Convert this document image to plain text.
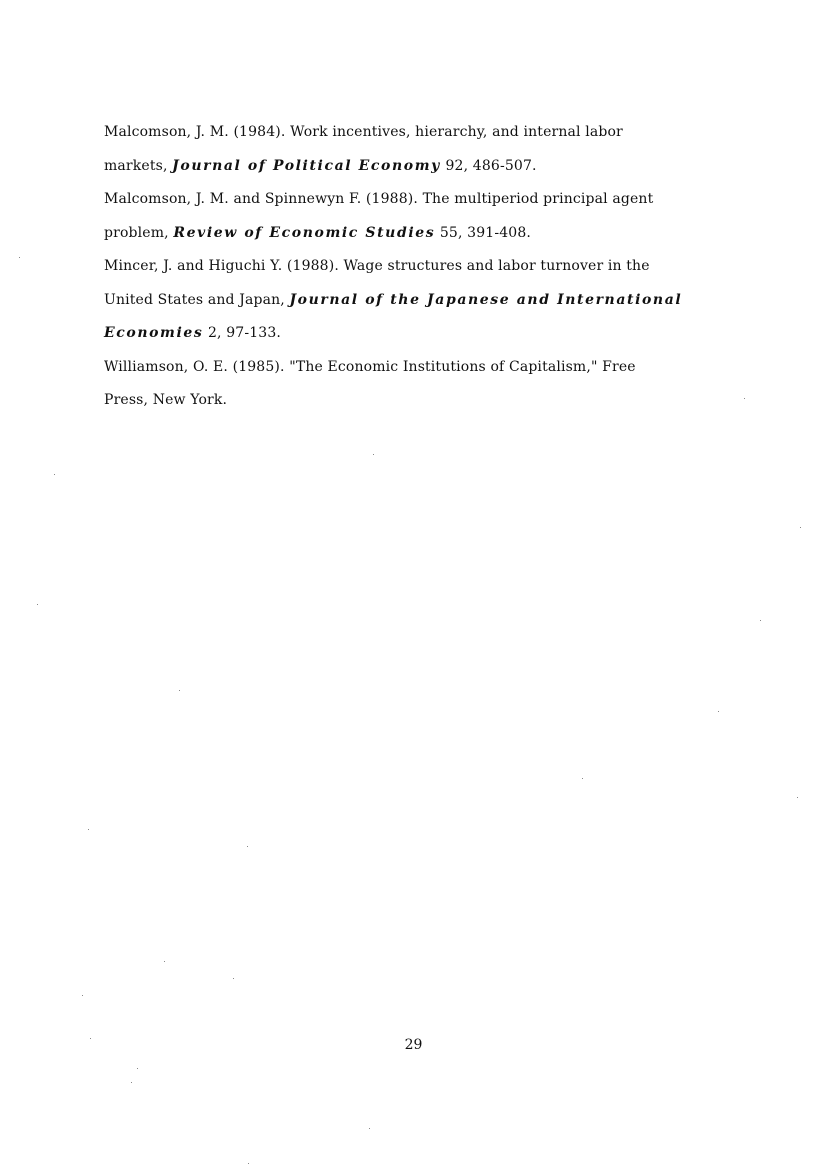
Malcomson, J. M. (1984). Work incentives, hierarchy, and internal labor
markets, Journal of Political Economy 92, 486-507.
Malcomson, J. M. and Spinnewyn F. (1988). The multiperiod principal agent
problem, Review of Economic Studies 55, 391-408.
Mincer, J. and Higuchi Y. (1988). Wage structures and labor turnover in the
United States and Japan, Journal of the Japanese and International
Economies 2, 97-133.
Williamson, O. E. (1985). "The Economic Institutions of Capitalism," Free
Press, New York.
29
